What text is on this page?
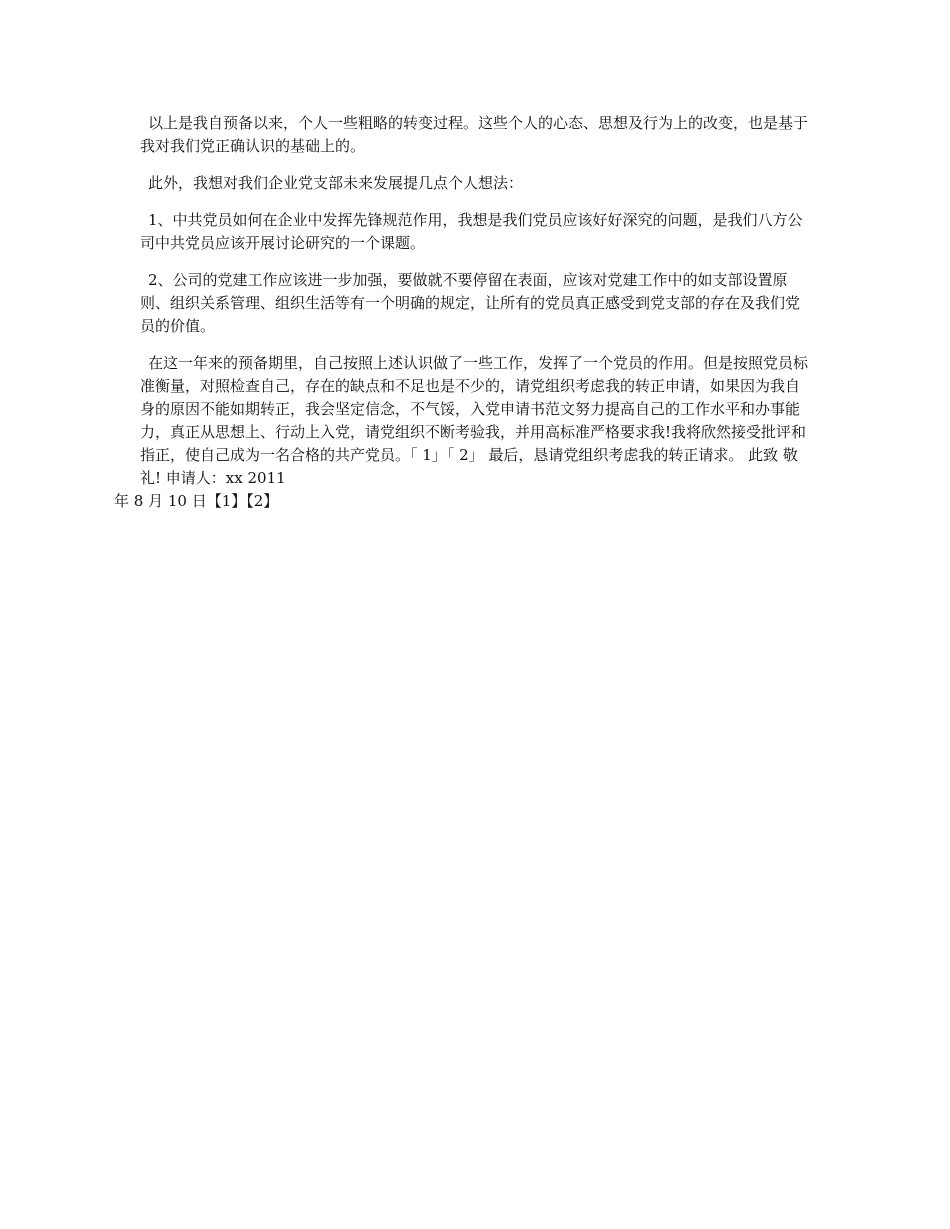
以上是我自预备以来，个人一些粗略的转变过程。这些个人的心态、思想及行为上的改变，也是基于我对我们党正确认识的基础上的。

此外，我想对我们企业党支部未来发展提几点个人想法：

1、中共党员如何在企业中发挥先锋规范作用，我想是我们党员应该好好深究的问题，是我们八方公司中共党员应该开展讨论研究的一个课题。

2、公司的党建工作应该进一步加强，要做就不要停留在表面，应该对党建工作中的如支部设置原则、组织关系管理、组织生活等有一个明确的规定，让所有的党员真正感受到党支部的存在及我们党员的价值。

在这一年来的预备期里，自己按照上述认识做了一些工作，发挥了一个党员的作用。但是按照党员标准衡量，对照检查自己，存在的缺点和不足也是不少的，请党组织考虑我的转正申请，如果因为我自身的原因不能如期转正，我会坚定信念，不气馁，入党申请书范文努力提高自己的工作水平和办事能力，真正从思想上、行动上入党，请党组织不断考验我，并用高标准严格要求我!我将欣然接受批评和指正，使自己成为一名合格的共产党员。「 1」「 2」 最后，恳请党组织考虑我的转正请求。 此致 敬礼! 申请人：xx 2011
年 8 月 10 日【1】【2】
